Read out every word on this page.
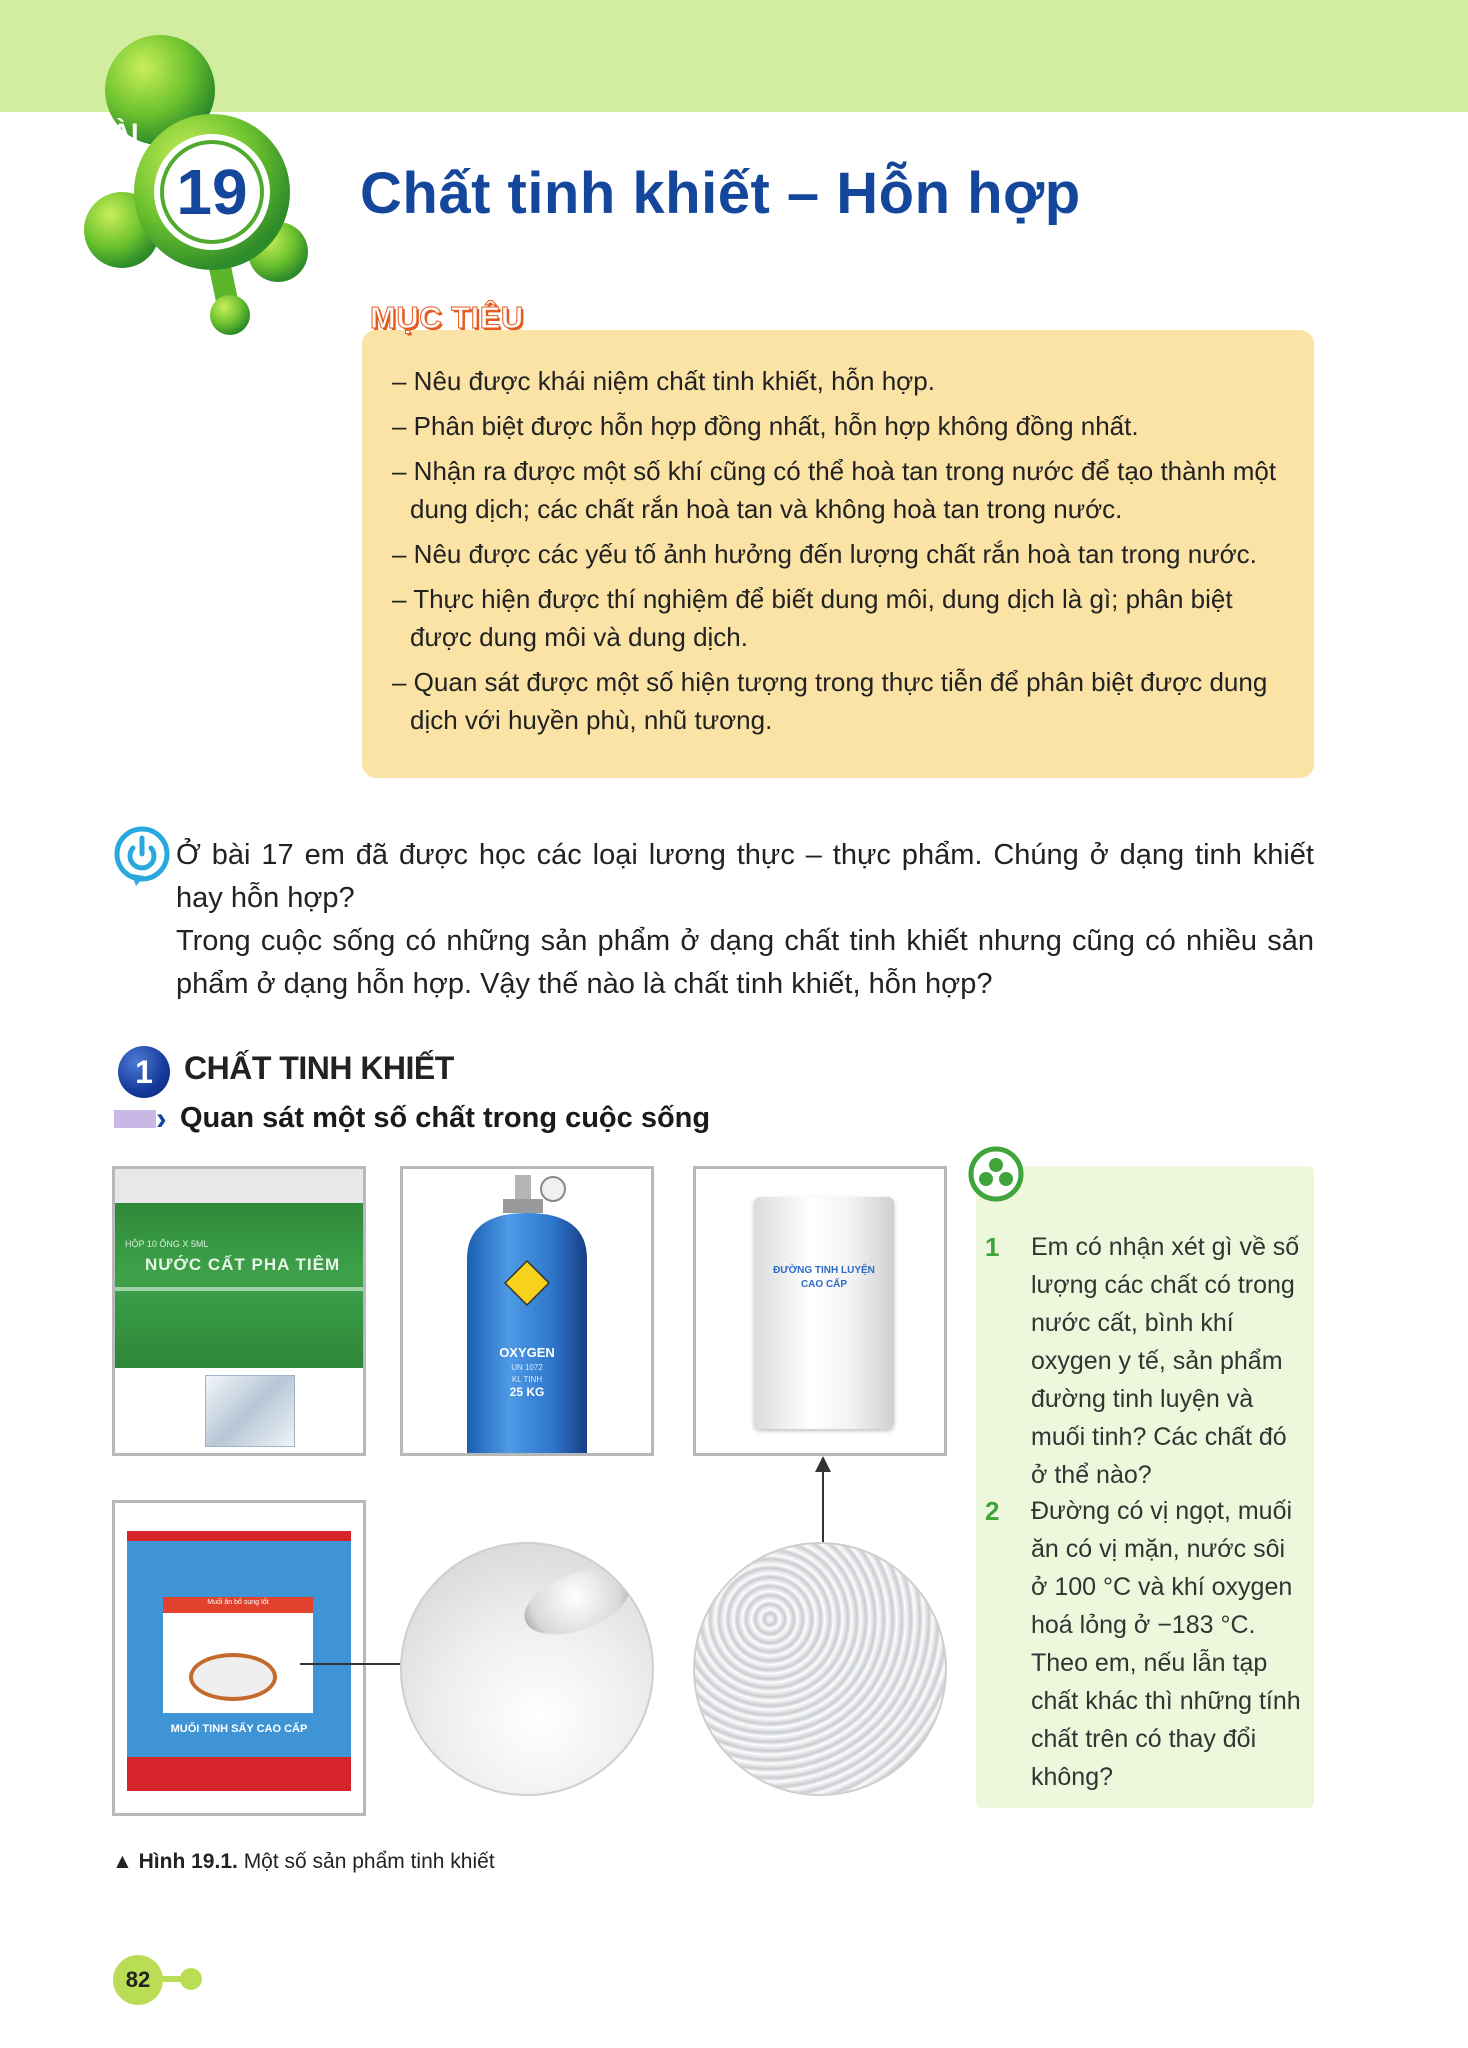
BÀI
19 Chất tinh khiết – Hỗn hợp
MỤC TIÊU
– Nêu được khái niệm chất tinh khiết, hỗn hợp.
– Phân biệt được hỗn hợp đồng nhất, hỗn hợp không đồng nhất.
– Nhận ra được một số khí cũng có thể hoà tan trong nước để tạo thành một dung dịch; các chất rắn hoà tan và không hoà tan trong nước.
– Nêu được các yếu tố ảnh hưởng đến lượng chất rắn hoà tan trong nước.
– Thực hiện được thí nghiệm để biết dung môi, dung dịch là gì; phân biệt được dung môi và dung dịch.
– Quan sát được một số hiện tượng trong thực tiễn để phân biệt được dung dịch với huyền phù, nhũ tương.

Ở bài 17 em đã được học các loại lương thực – thực phẩm. Chúng ở dạng tinh khiết hay hỗn hợp?

Trong cuộc sống có những sản phẩm ở dạng chất tinh khiết nhưng cũng có nhiều sản phẩm ở dạng hỗn hợp. Vậy thế nào là chất tinh khiết, hỗn hợp?

1 CHẤT TINH KHIẾT
› Quan sát một số chất trong cuộc sống
HỘP 10 ỐNG X 5ML
NƯỚC CẤT PHA TIÊM
OXYGEN
UN 1072
KL TỊNH
25 KG
ĐƯỜNG TINH LUYỆN
CAO CẤP
Muối ăn bổ sung Iốt
MUỐI TINH SẤY CAO CẤP
1 Em có nhận xét gì về số lượng các chất có trong nước cất, bình khí oxygen y tế, sản phẩm đường tinh luyện và muối tinh? Các chất đó ở thể nào?
2 Đường có vị ngọt, muối ăn có vị mặn, nước sôi ở 100 °C và khí oxygen hoá lỏng ở −183 °C. Theo em, nếu lẫn tạp chất khác thì những tính chất trên có thay đổi không?
▲ Hình 19.1. Một số sản phẩm tinh khiết
82
